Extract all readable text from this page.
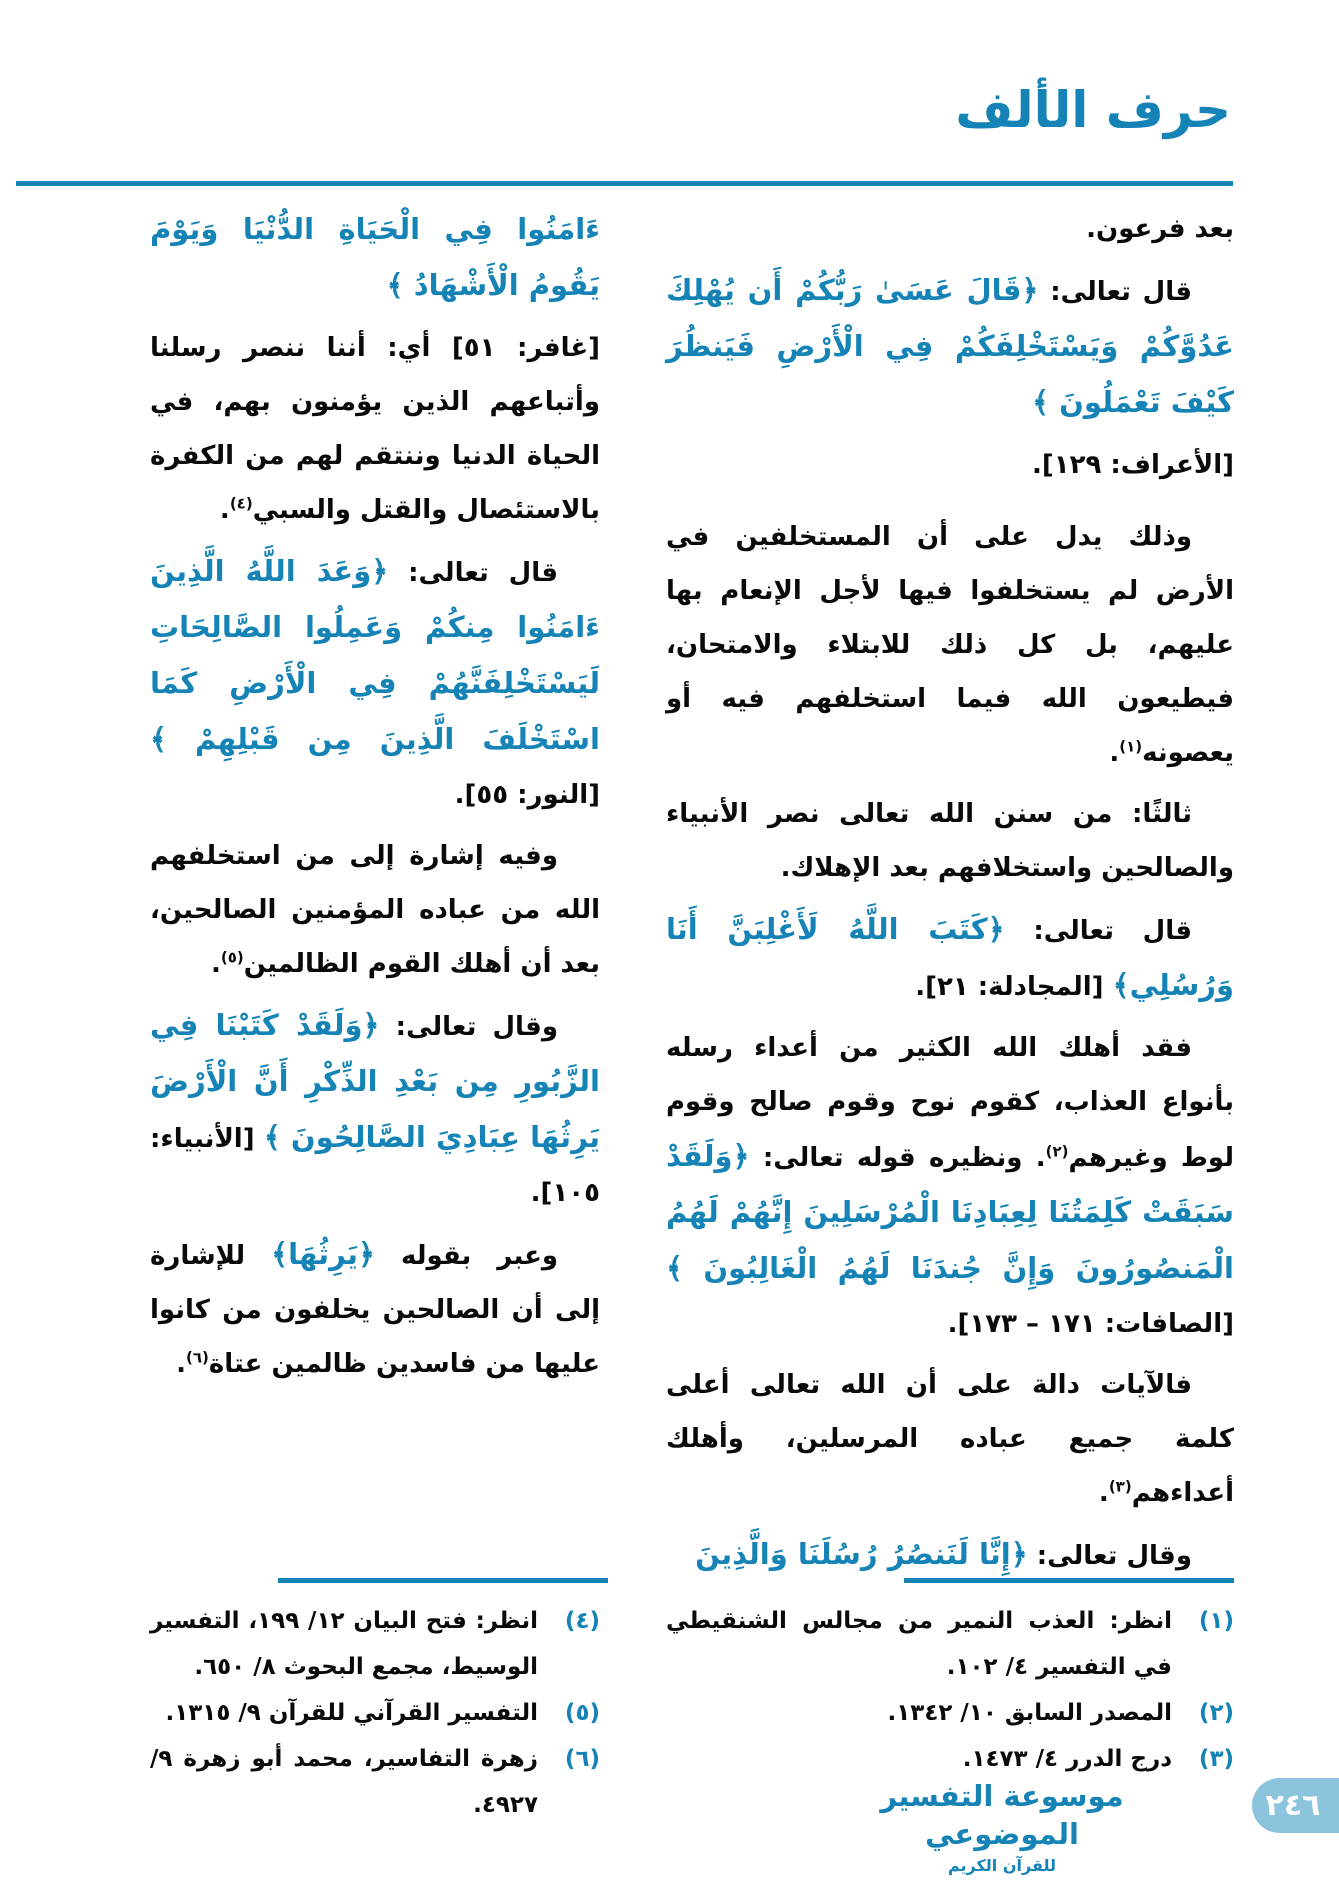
حرف الألف

بعد فرعون.

قال تعالى: ﴿قَالَ عَسَىٰ رَبُّكُمْ أَن يُهْلِكَ عَدُوَّكُمْ وَيَسْتَخْلِفَكُمْ فِي الْأَرْضِ فَيَنظُرَ كَيْفَ تَعْمَلُونَ ﴾

[الأعراف: ١٢٩].

وذلك يدل على أن المستخلفين في الأرض لم يستخلفوا فيها لأجل الإنعام بها عليهم، بل كل ذلك للابتلاء والامتحان، فيطيعون الله فيما استخلفهم فيه أو يعصونه$^{(١)}$.

ثالثًا: من سنن الله تعالى نصر الأنبياء والصالحين واستخلافهم بعد الإهلاك.

قال تعالى: ﴿كَتَبَ اللَّهُ لَأَغْلِبَنَّ أَنَا وَرُسُلِي﴾ [المجادلة: ٢١].

فقد أهلك الله الكثير من أعداء رسله بأنواع العذاب، كقوم نوح وقوم صالح وقوم لوط وغيرهم$^{(٢)}$. ونظيره قوله تعالى: ﴿وَلَقَدْ سَبَقَتْ كَلِمَتُنَا لِعِبَادِنَا الْمُرْسَلِينَ إِنَّهُمْ لَهُمُ الْمَنصُورُونَ وَإِنَّ جُندَنَا لَهُمُ الْغَالِبُونَ ﴾ [الصافات: ١٧١ – ١٧٣].

فالآيات دالة على أن الله تعالى أعلى كلمة جميع عباده المرسلين، وأهلك أعداءهم$^{(٣)}$.

وقال تعالى: ﴿إِنَّا لَنَنصُرُ رُسُلَنَا وَالَّذِينَ

ءَامَنُوا فِي الْحَيَاةِ الدُّنْيَا وَيَوْمَ يَقُومُ الْأَشْهَادُ ﴾

[غافر: ٥١] أي: أننا ننصر رسلنا وأتباعهم الذين يؤمنون بهم، في الحياة الدنيا وننتقم لهم من الكفرة بالاستئصال والقتل والسبي$^{(٤)}$.

قال تعالى: ﴿وَعَدَ اللَّهُ الَّذِينَ ءَامَنُوا مِنكُمْ وَعَمِلُوا الصَّالِحَاتِ لَيَسْتَخْلِفَنَّهُمْ فِي الْأَرْضِ كَمَا اسْتَخْلَفَ الَّذِينَ مِن قَبْلِهِمْ ﴾ [النور: ٥٥].

وفيه إشارة إلى من استخلفهم الله من عباده المؤمنين الصالحين، بعد أن أهلك القوم الظالمين$^{(٥)}$.

وقال تعالى: ﴿وَلَقَدْ كَتَبْنَا فِي الزَّبُورِ مِن بَعْدِ الذِّكْرِ أَنَّ الْأَرْضَ يَرِثُهَا عِبَادِيَ الصَّالِحُونَ ﴾ [الأنبياء: ١٠٥].

وعبر بقوله ﴿يَرِثُهَا﴾ للإشارة إلى أن الصالحين يخلفون من كانوا عليها من فاسدين ظالمين عتاة$^{(٦)}$.

(١)
انظر: العذب النمير من مجالس الشنقيطي في التفسير ٤/ ١٠٢.
(٢)
المصدر السابق ١٠/ ١٣٤٢.
(٣)
درج الدرر ٤/ ١٤٧٣.
(٤)
انظر: فتح البيان ١٢/ ١٩٩، التفسير الوسيط، مجمع البحوث ٨/ ٦٥٠.
(٥)
التفسير القرآني للقرآن ٩/ ١٣١٥.
(٦)
زهرة التفاسير، محمد أبو زهرة ٩/ ٤٩٢٧.	موسوعة التفسير الموضوعي
للقرآن الكريم
٢٤٦
